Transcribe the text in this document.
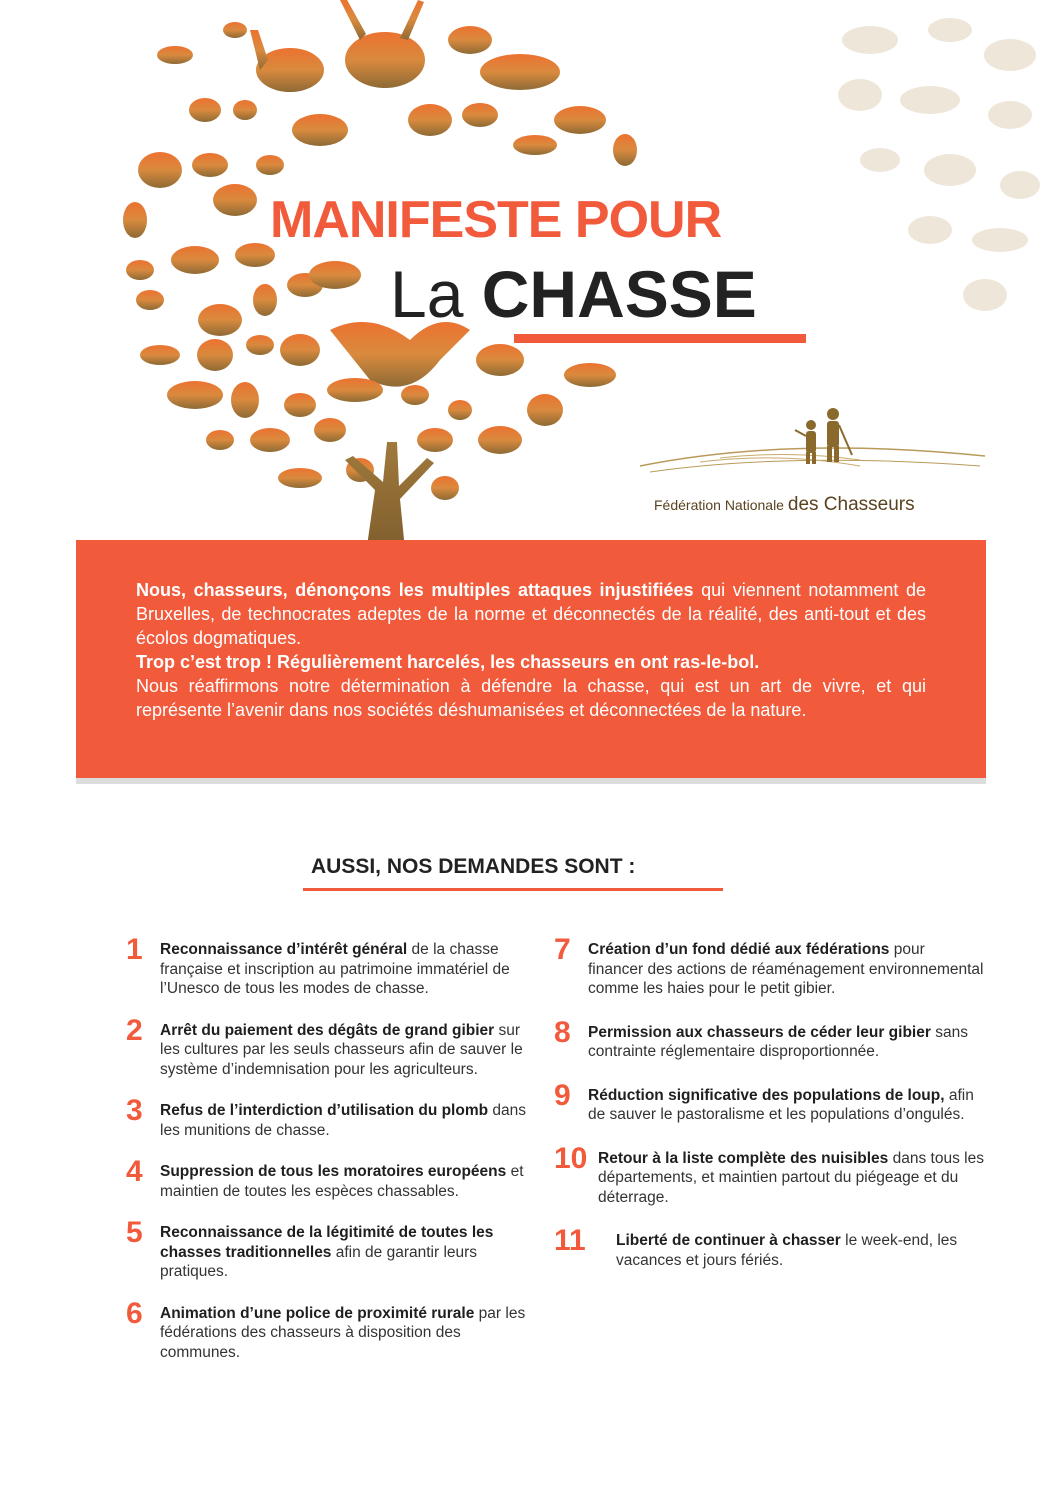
MANIFESTE POUR
La CHASSE
Fédération Nationale des Chasseurs
Nous, chasseurs, dénonçons les multiples attaques injustifiées qui viennent notamment de Bruxelles, de technocrates adeptes de la norme et déconnectés de la réalité, des anti-tout et des écolos dogmatiques.
Trop c’est trop ! Régulièrement harcelés, les chasseurs en ont ras-le-bol.
Nous réaffirmons notre détermination à défendre la chasse, qui est un art de vivre, et qui représente l’avenir dans nos sociétés déshumanisées et déconnectées de la nature.
AUSSI, NOS DEMANDES SONT :
1 Reconnaissance d’intérêt général de la chasse française et inscription au patrimoine immatériel de l’Unesco de tous les modes de chasse.
2 Arrêt du paiement des dégâts de grand gibier sur les cultures par les seuls chasseurs afin de sauver le système d’indemnisation pour les agriculteurs.
3 Refus de l’interdiction d’utilisation du plomb dans les munitions de chasse.
4 Suppression de tous les moratoires européens et maintien de toutes les espèces chassables.
5 Reconnaissance de la légitimité de toutes les chasses traditionnelles afin de garantir leurs pratiques.
6 Animation d’une police de proximité rurale par les fédérations des chasseurs à disposition des communes.
7 Création d’un fond dédié aux fédérations pour financer des actions de réaménagement environnemental comme les haies pour le petit gibier.
8 Permission aux chasseurs de céder leur gibier sans contrainte réglementaire disproportionnée.
9 Réduction significative des populations de loup, afin de sauver le pastoralisme et les populations d’ongulés.
10 Retour à la liste complète des nuisibles dans tous les départements, et maintien partout du piégeage et du déterrage.
11 Liberté de continuer à chasser le week-end, les vacances et jours fériés.
